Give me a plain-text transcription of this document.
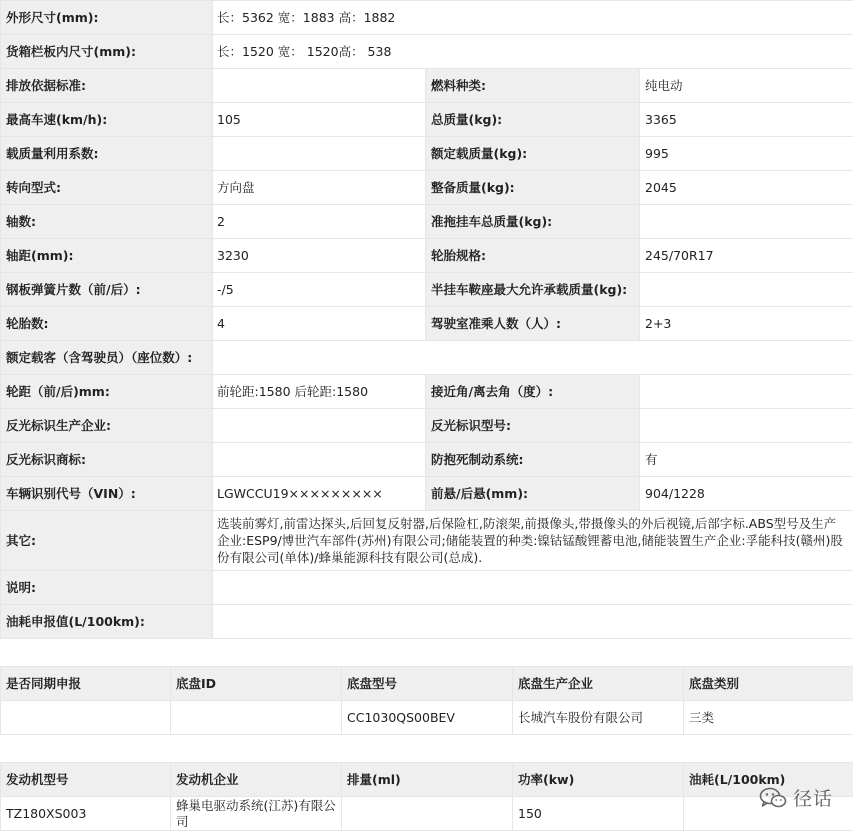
外形尺寸(mm):	长：5362 宽：1883 高：1882		
货箱栏板内尺寸(mm):	长：1520 宽： 1520高： 538		
排放依据标准:		燃料种类:	纯电动
最高车速(km/h):	105	总质量(kg):	3365
载质量利用系数:		额定载质量(kg):	995
转向型式:	方向盘	整备质量(kg):	2045
轴数:	2	准拖挂车总质量(kg):	
轴距(mm):	3230	轮胎规格:	245/70R17
钢板弹簧片数（前/后）:	-/5	半挂车鞍座最大允许承载质量(kg):	
轮胎数:	4	驾驶室准乘人数（人）:	2+3
额定载客（含驾驶员）（座位数）:			
轮距（前/后)mm:	前轮距:1580 后轮距:1580	接近角/离去角（度）:	
反光标识生产企业:		反光标识型号:	
反光标识商标:		防抱死制动系统:	有
车辆识别代号（VIN）:	LGWCCU19×××××××××	前悬/后悬(mm):	904/1228
其它:	选装前雾灯,前雷达探头,后回复反射器,后保险杠,防滚架,前摄像头,带摄像头的外后视镜,后部字标.ABS型号及生产企业:ESP9/博世汽车部件(苏州)有限公司;储能装置的种类:镍钴锰酸锂蓄电池,储能装置生产企业:孚能科技(赣州)股份有限公司(单体)/蜂巢能源科技有限公司(总成).		
说明:			
油耗申报值(L/100km):			
是否同期申报	底盘ID	底盘型号	底盘生产企业	底盘类别
		CC1030QS00BEV	长城汽车股份有限公司	三类
发动机型号	发动机企业	排量(ml)	功率(kw)	油耗(L/100km)
TZ180XS003	蜂巢电驱动系统(江苏)有限公司		150	
径话
